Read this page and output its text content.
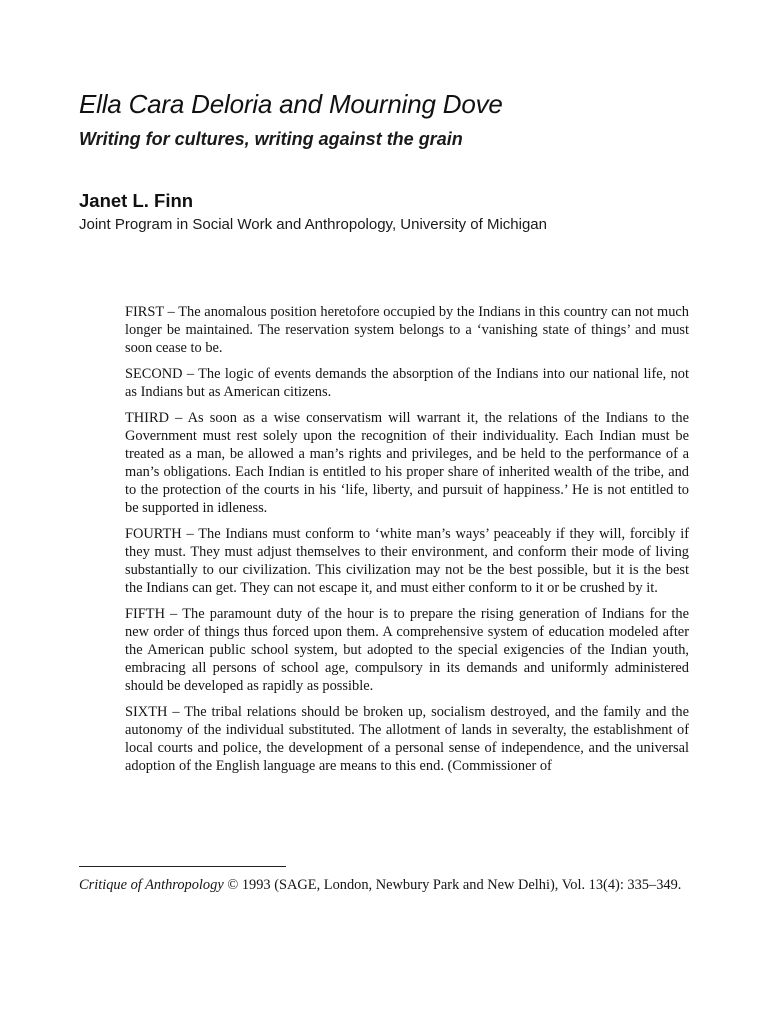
Ella Cara Deloria and Mourning Dove
Writing for cultures, writing against the grain
Janet L. Finn
Joint Program in Social Work and Anthropology, University of Michigan

FIRST – The anomalous position heretofore occupied by the Indians in this country can not much longer be maintained. The reservation system belongs to a ‘vanishing state of things’ and must soon cease to be.

SECOND – The logic of events demands the absorption of the Indians into our national life, not as Indians but as American citizens.

THIRD – As soon as a wise conservatism will warrant it, the relations of the Indians to the Government must rest solely upon the recognition of their individuality. Each Indian must be treated as a man, be allowed a man’s rights and privileges, and be held to the performance of a man’s obligations. Each Indian is entitled to his proper share of inherited wealth of the tribe, and to the protection of the courts in his ‘life, liberty, and pursuit of happiness.’ He is not entitled to be supported in idleness.

FOURTH – The Indians must conform to ‘white man’s ways’ peaceably if they will, forcibly if they must. They must adjust themselves to their environment, and conform their mode of living substantially to our civilization. This civilization may not be the best possible, but it is the best the Indians can get. They can not escape it, and must either conform to it or be crushed by it.

FIFTH – The paramount duty of the hour is to prepare the rising generation of Indians for the new order of things thus forced upon them. A comprehensive system of education modeled after the American public school system, but adopted to the special exigencies of the Indian youth, embracing all persons of school age, compulsory in its demands and uniformly administered should be developed as rapidly as possible.

SIXTH – The tribal relations should be broken up, socialism destroyed, and the family and the autonomy of the individual substituted. The allotment of lands in severalty, the establishment of local courts and police, the development of a personal sense of independence, and the universal adoption of the English language are means to this end. (Commissioner of

Critique of Anthropology © 1993 (SAGE, London, Newbury Park and New Delhi), Vol. 13(4): 335–349.
